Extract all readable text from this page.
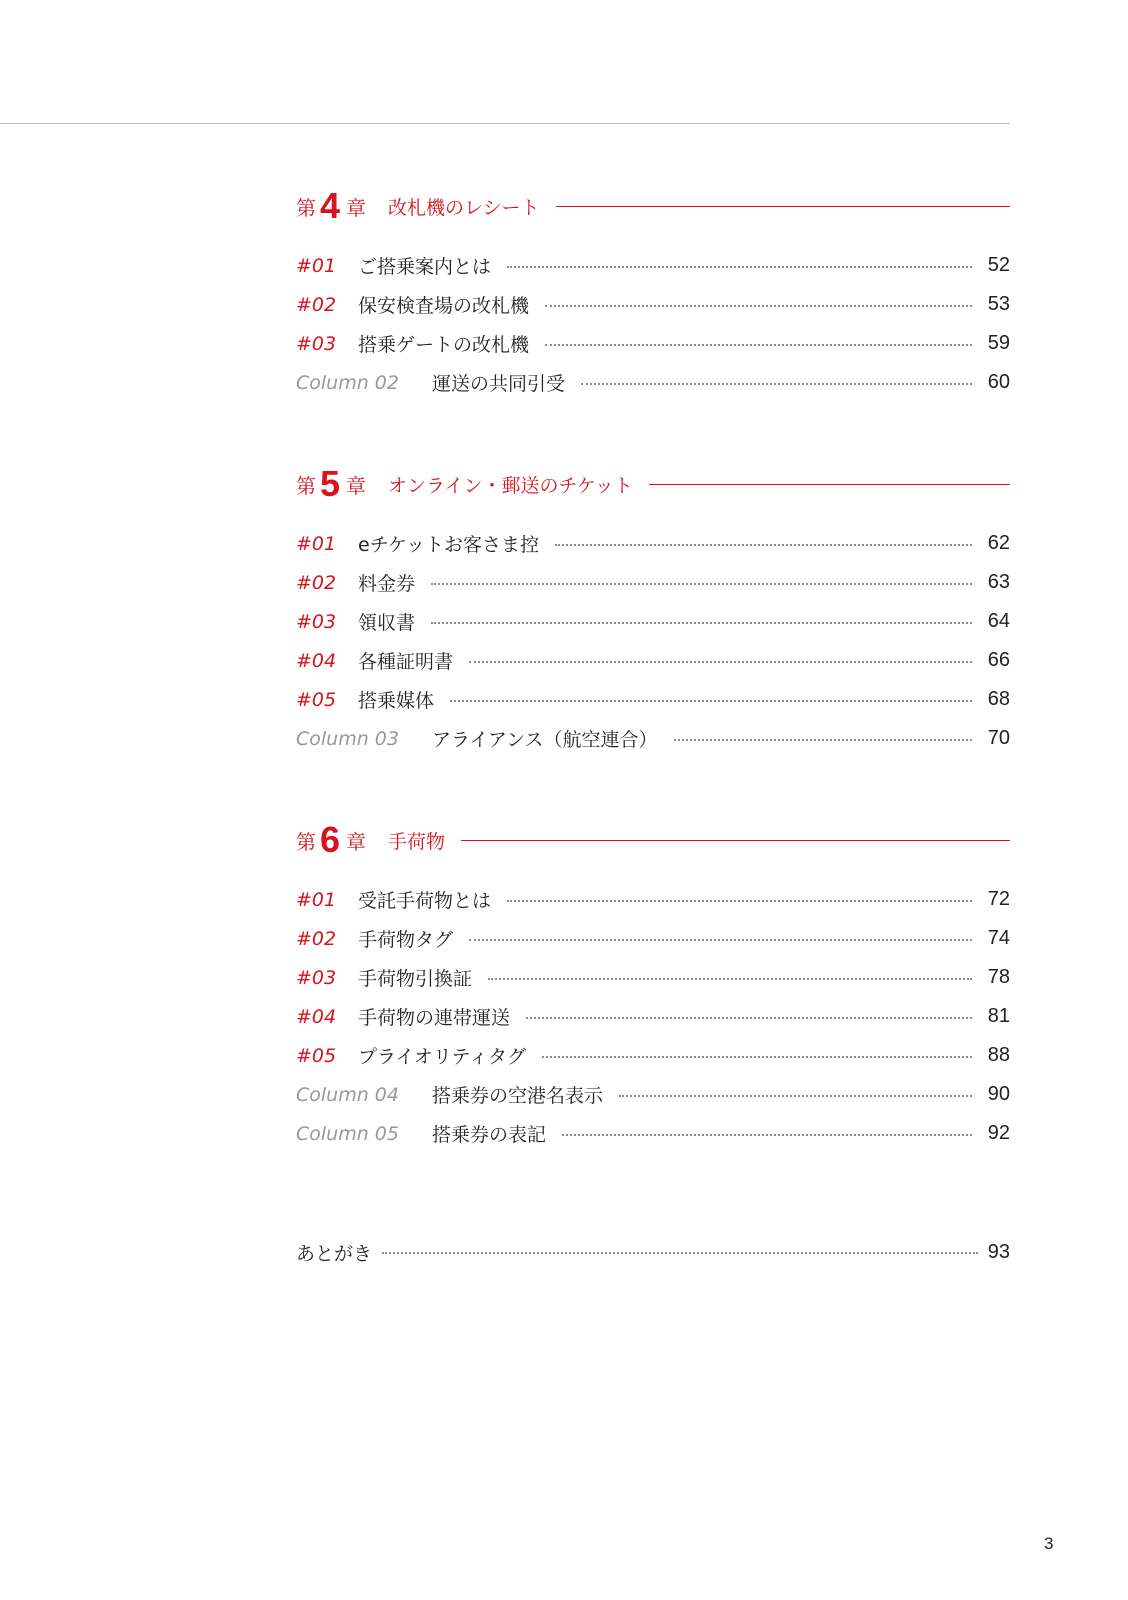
第 4 章 改札機のレシート
#01	ご搭乗案内とは	52
#02	保安検査場の改札機	53
#03	搭乗ゲートの改札機	59
Column 02	運送の共同引受	60
第 5 章 オンライン・郵送のチケット
#01	eチケットお客さま控	62
#02	料金券	63
#03	領収書	64
#04	各種証明書	66
#05	搭乗媒体	68
Column 03	アライアンス（航空連合）	70
第 6 章 手荷物
#01	受託手荷物とは	72
#02	手荷物タグ	74
#03	手荷物引換証	78
#04	手荷物の連帯運送	81
#05	プライオリティタグ	88
Column 04	搭乗券の空港名表示	90
Column 05	搭乗券の表記	92
あとがき	93
3
